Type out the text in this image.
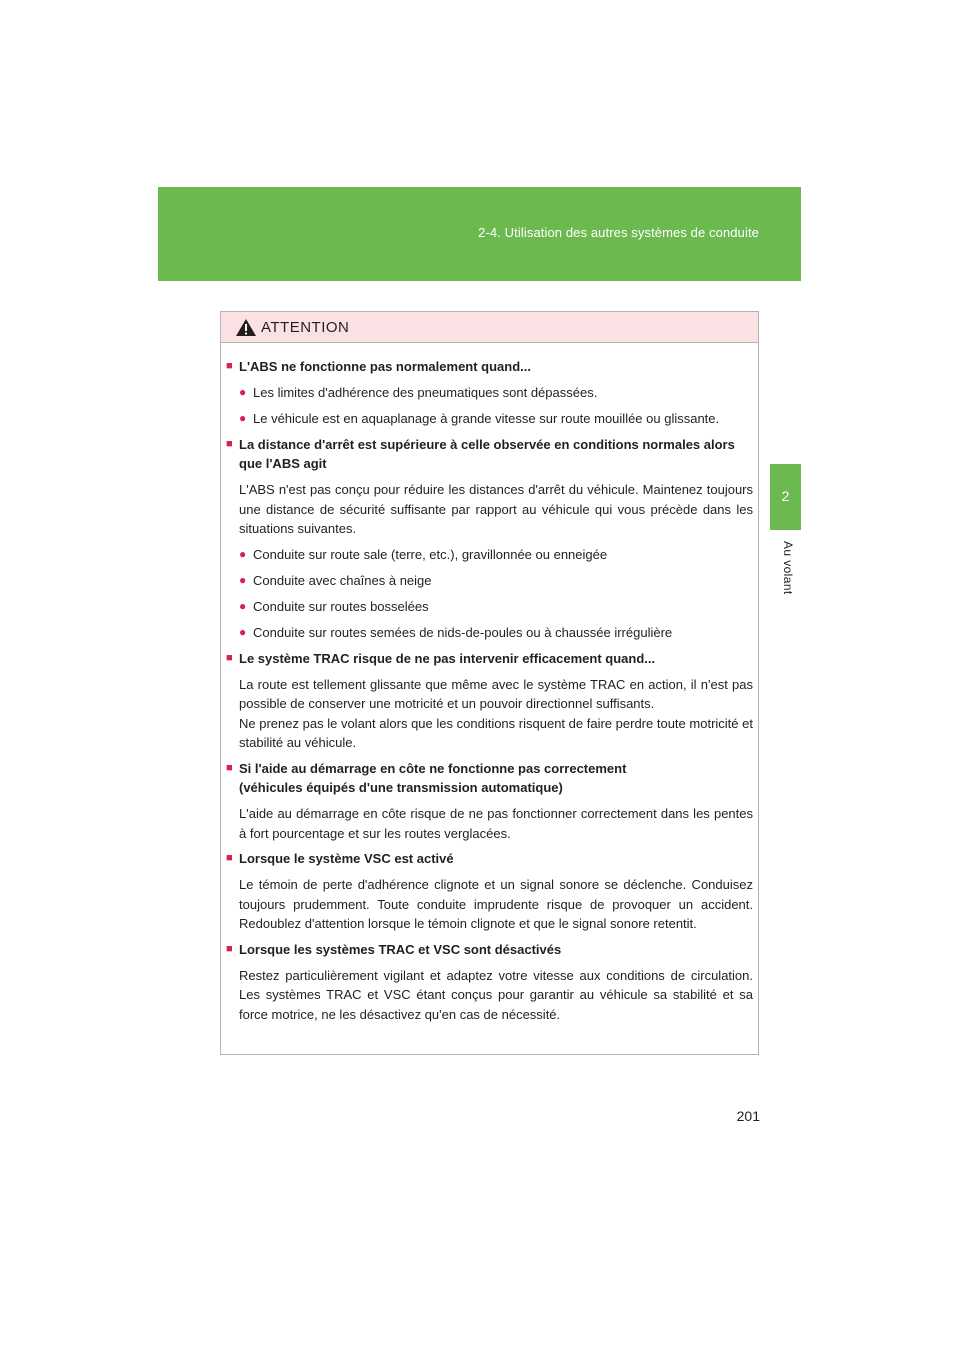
2-4. Utilisation des autres systèmes de conduite
2
Au volant
ATTENTION
■ L'ABS ne fonctionne pas normalement quand...
● Les limites d'adhérence des pneumatiques sont dépassées.
● Le véhicule est en aquaplanage à grande vitesse sur route mouillée ou glissante.
■ La distance d'arrêt est supérieure à celle observée en conditions normales alors que l'ABS agit
L'ABS n'est pas conçu pour réduire les distances d'arrêt du véhicule. Maintenez toujours une distance de sécurité suffisante par rapport au véhicule qui vous précède dans les situations suivantes.
● Conduite sur route sale (terre, etc.), gravillonnée ou enneigée
● Conduite avec chaînes à neige
● Conduite sur routes bosselées
● Conduite sur routes semées de nids-de-poules ou à chaussée irrégulière
■ Le système TRAC risque de ne pas intervenir efficacement quand...
La route est tellement glissante que même avec le système TRAC en action, il n'est pas possible de conserver une motricité et un pouvoir directionnel suffisants.
Ne prenez pas le volant alors que les conditions risquent de faire perdre toute motricité et stabilité au véhicule.
■ Si l'aide au démarrage en côte ne fonctionne pas correctement
(véhicules équipés d'une transmission automatique)
L'aide au démarrage en côte risque de ne pas fonctionner correctement dans les pentes à fort pourcentage et sur les routes verglacées.
■ Lorsque le système VSC est activé
Le témoin de perte d'adhérence clignote et un signal sonore se déclenche. Conduisez toujours prudemment. Toute conduite imprudente risque de provoquer un accident. Redoublez d'attention lorsque le témoin clignote et que le signal sonore retentit.
■ Lorsque les systèmes TRAC et VSC sont désactivés
Restez particulièrement vigilant et adaptez votre vitesse aux conditions de circulation. Les systèmes TRAC et VSC étant conçus pour garantir au véhicule sa stabilité et sa force motrice, ne les désactivez qu'en cas de nécessité.
201
